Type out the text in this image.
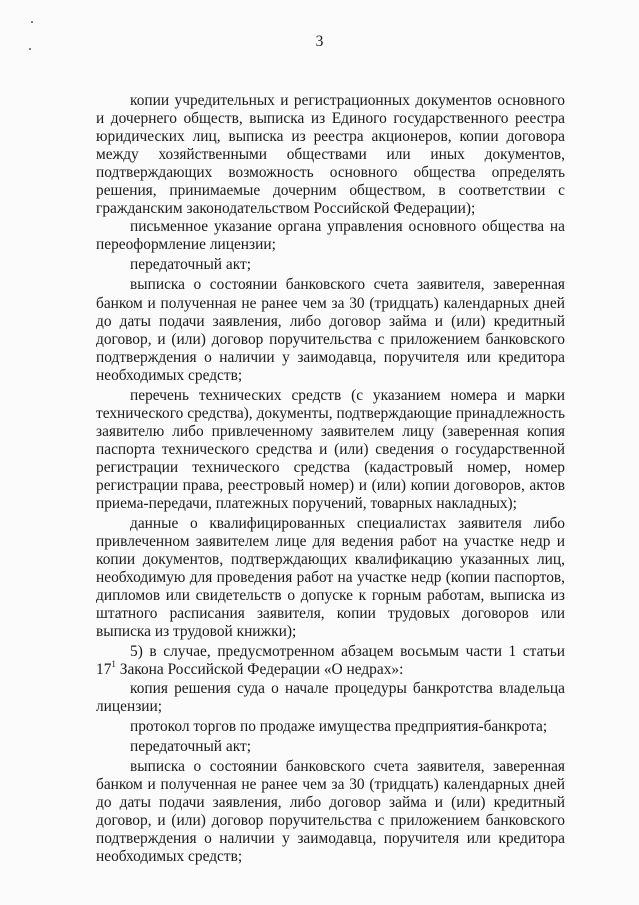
3

копии учредительных и регистрационных документов основного и дочернего обществ, выписка из Единого государственного реестра юридических лиц, выписка из реестра акционеров, копии договора между хозяйственными обществами или иных документов, подтверждающих возможность основного общества определять решения, принимаемые дочерним обществом, в соответствии с гражданским законодательством Российской Федерации);

письменное указание органа управления основного общества на переоформление лицензии;

передаточный акт;

выписка о состоянии банковского счета заявителя, заверенная банком и полученная не ранее чем за 30 (тридцать) календарных дней до даты подачи заявления, либо договор займа и (или) кредитный договор, и (или) договор поручительства с приложением банковского подтверждения о наличии у заимодавца, поручителя или кредитора необходимых средств;

перечень технических средств (с указанием номера и марки технического средства), документы, подтверждающие принадлежность заявителю либо привлеченному заявителем лицу (заверенная копия паспорта технического средства и (или) сведения о государственной регистрации технического средства (кадастровый номер, номер регистрации права, реестровый номер) и (или) копии договоров, актов приема-передачи, платежных поручений, товарных накладных);

данные о квалифицированных специалистах заявителя либо привлеченном заявителем лице для ведения работ на участке недр и копии документов, подтверждающих квалификацию указанных лиц, необходимую для проведения работ на участке недр (копии паспортов, дипломов или свидетельств о допуске к горным работам, выписка из штатного расписания заявителя, копии трудовых договоров или выписка из трудовой книжки);

5) в случае, предусмотренном абзацем восьмым части 1 статьи $17^1$ Закона Российской Федерации «О недрах»:

копия решения суда о начале процедуры банкротства владельца лицензии;

протокол торгов по продаже имущества предприятия-банкрота;

передаточный акт;

выписка о состоянии банковского счета заявителя, заверенная банком и полученная не ранее чем за 30 (тридцать) календарных дней до даты подачи заявления, либо договор займа и (или) кредитный договор, и (или) договор поручительства с приложением банковского подтверждения о наличии у заимодавца, поручителя или кредитора необходимых средств;
